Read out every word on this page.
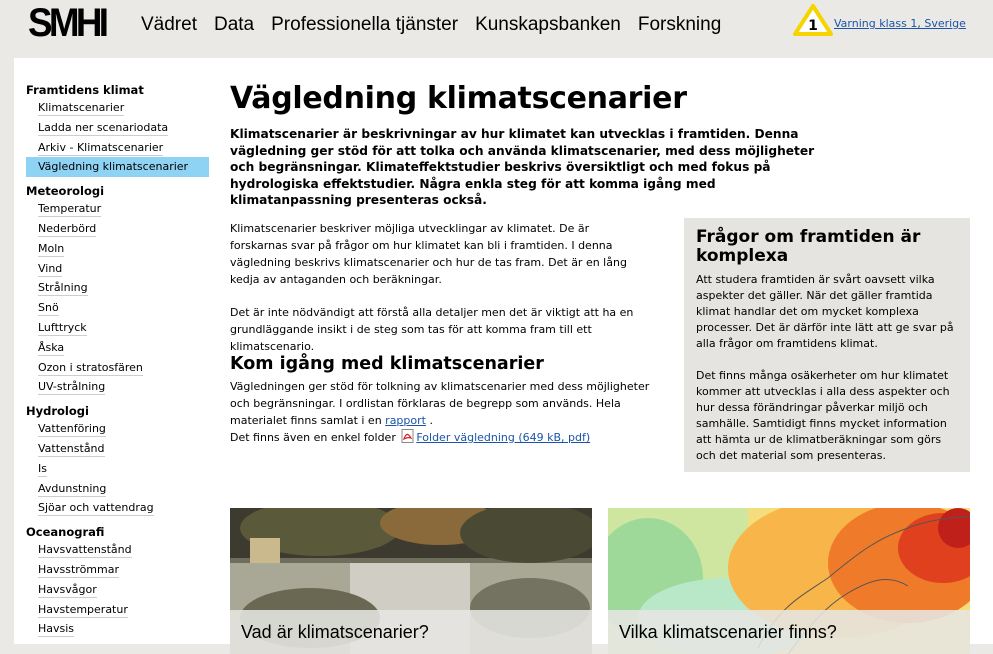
SMHI Vädret Data Professionella tjänster Kunskapsbanken Forskning	1 Varning klass 1, Sverige
Framtidens klimat
Klimatscenarier
Ladda ner scenariodata
Arkiv - Klimatscenarier
Vägledning klimatscenarier
Meteorologi
Temperatur
Nederbörd
Moln
Vind
Strålning
Snö
Lufttryck
Åska
Ozon i stratosfären
UV-strålning
Hydrologi
Vattenföring
Vattenstånd
Is
Avdunstning
Sjöar och vattendrag
Oceanografi
Havsvattenstånd
Havsströmmar
Havsvågor
Havstemperatur
Havsis
Vägledning klimatscenarier
Klimatscenarier är beskrivningar av hur klimatet kan utvecklas i framtiden. Denna vägledning ger stöd för att tolka och använda klimatscenarier, med dess möjligheter och begränsningar. Klimateffektstudier beskrivs översiktligt och med fokus på hydrologiska effektstudier. Några enkla steg för att komma igång med klimatanpassning presenteras också.

Klimatscenarier beskriver möjliga utvecklingar av klimatet. De är forskarnas svar på frågor om hur klimatet kan bli i framtiden. I denna vägledning beskrivs klimatscenarier och hur de tas fram. Det är en lång kedja av antaganden och beräkningar.

Det är inte nödvändigt att förstå alla detaljer men det är viktigt att ha en grundläggande insikt i de steg som tas för att komma fram till ett klimatscenario.

Kom igång med klimatscenarier
Vägledningen ger stöd för tolkning av klimatscenarier med dess möjligheter och begränsningar. I ordlistan förklaras de begrepp som används. Hela materialet finns samlat i en rapport .
Det finns även en enkel folder Folder vägledning (649 kB, pdf)
Frågor om framtiden är komplexa

Att studera framtiden är svårt oavsett vilka aspekter det gäller. När det gäller framtida klimat handlar det om mycket komplexa processer. Det är därför inte lätt att ge svar på alla frågor om framtidens klimat.

Det finns många osäkerheter om hur klimatet kommer att utvecklas i alla dess aspekter och hur dessa förändringar påverkar miljö och samhälle. Samtidigt finns mycket information att hämta ur de klimatberäkningar som görs och det material som presenteras.

Vad är klimatscenarier?	Vilka klimatscenarier finns?
